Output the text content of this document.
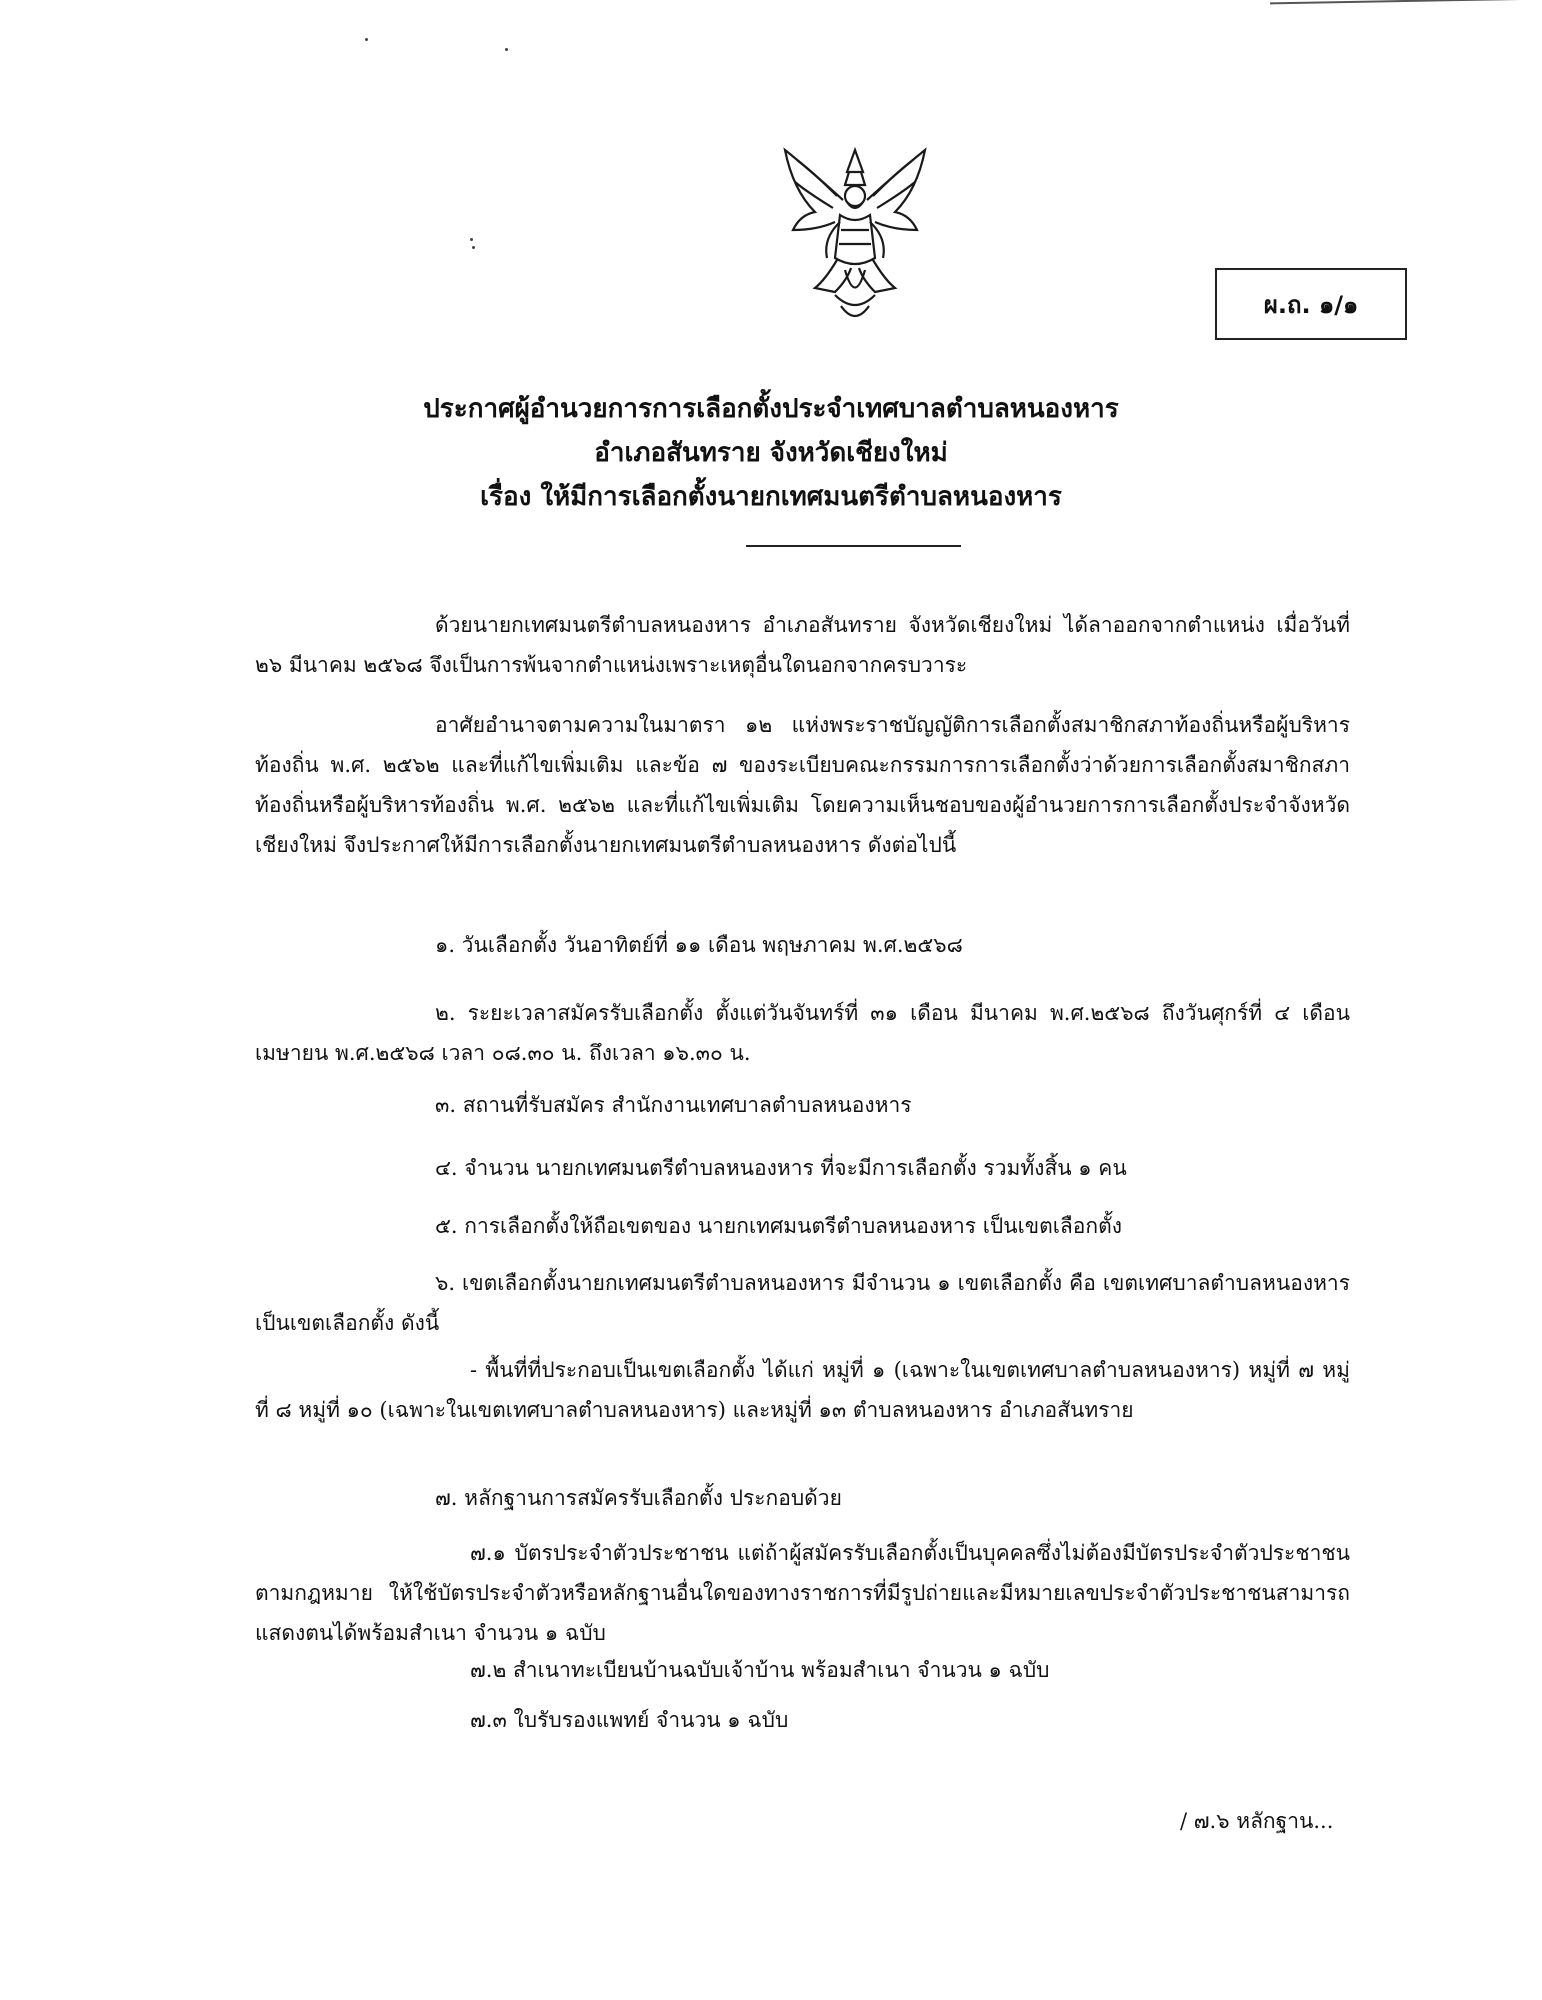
ผ.ถ. ๑/๑
ประกาศผู้อำนวยการการเลือกตั้งประจำเทศบาลตำบลหนองหาร
อำเภอสันทราย จังหวัดเชียงใหม่
เรื่อง ให้มีการเลือกตั้งนายกเทศมนตรีตำบลหนองหาร
ด้วยนายกเทศมนตรีตำบลหนองหาร อำเภอสันทราย จังหวัดเชียงใหม่ ได้ลาออกจากตำแหน่ง เมื่อวันที่ ๒๖ มีนาคม ๒๕๖๘ จึงเป็นการพ้นจากตำแหน่งเพราะเหตุอื่นใดนอกจากครบวาระ
อาศัยอำนาจตามความในมาตรา ๑๒ แห่งพระราชบัญญัติการเลือกตั้งสมาชิกสภาท้องถิ่นหรือผู้บริหารท้องถิ่น พ.ศ. ๒๕๖๒ และที่แก้ไขเพิ่มเติม และข้อ ๗ ของระเบียบคณะกรรมการการเลือกตั้งว่าด้วยการเลือกตั้งสมาชิกสภาท้องถิ่นหรือผู้บริหารท้องถิ่น พ.ศ. ๒๕๖๒ และที่แก้ไขเพิ่มเติม โดยความเห็นชอบของผู้อำนวยการการเลือกตั้งประจำจังหวัดเชียงใหม่ จึงประกาศให้มีการเลือกตั้งนายกเทศมนตรีตำบลหนองหาร ดังต่อไปนี้
๑. วันเลือกตั้ง วันอาทิตย์ที่ ๑๑ เดือน พฤษภาคม พ.ศ.๒๕๖๘
๒. ระยะเวลาสมัครรับเลือกตั้ง ตั้งแต่วันจันทร์ที่ ๓๑ เดือน มีนาคม พ.ศ.๒๕๖๘ ถึงวันศุกร์ที่ ๔ เดือน เมษายน พ.ศ.๒๕๖๘ เวลา ๐๘.๓๐ น. ถึงเวลา ๑๖.๓๐ น.
๓. สถานที่รับสมัคร สำนักงานเทศบาลตำบลหนองหาร
๔. จำนวน นายกเทศมนตรีตำบลหนองหาร ที่จะมีการเลือกตั้ง รวมทั้งสิ้น ๑ คน
๕. การเลือกตั้งให้ถือเขตของ นายกเทศมนตรีตำบลหนองหาร เป็นเขตเลือกตั้ง
๖. เขตเลือกตั้งนายกเทศมนตรีตำบลหนองหาร มีจำนวน ๑ เขตเลือกตั้ง คือ เขตเทศบาลตำบลหนองหารเป็นเขตเลือกตั้ง ดังนี้
- พื้นที่ที่ประกอบเป็นเขตเลือกตั้ง ได้แก่ หมู่ที่ ๑ (เฉพาะในเขตเทศบาลตำบลหนองหาร) หมู่ที่ ๗ หมู่ที่ ๘ หมู่ที่ ๑๐ (เฉพาะในเขตเทศบาลตำบลหนองหาร) และหมู่ที่ ๑๓ ตำบลหนองหาร อำเภอสันทราย
๗. หลักฐานการสมัครรับเลือกตั้ง ประกอบด้วย
๗.๑ บัตรประจำตัวประชาชน แต่ถ้าผู้สมัครรับเลือกตั้งเป็นบุคคลซึ่งไม่ต้องมีบัตรประจำตัวประชาชนตามกฎหมาย ให้ใช้บัตรประจำตัวหรือหลักฐานอื่นใดของทางราชการที่มีรูปถ่ายและมีหมายเลขประจำตัวประชาชนสามารถแสดงตนได้พร้อมสำเนา จำนวน ๑ ฉบับ
๗.๒ สำเนาทะเบียนบ้านฉบับเจ้าบ้าน พร้อมสำเนา จำนวน ๑ ฉบับ
๗.๓ ใบรับรองแพทย์ จำนวน ๑ ฉบับ
/ ๗.๖ หลักฐาน...
